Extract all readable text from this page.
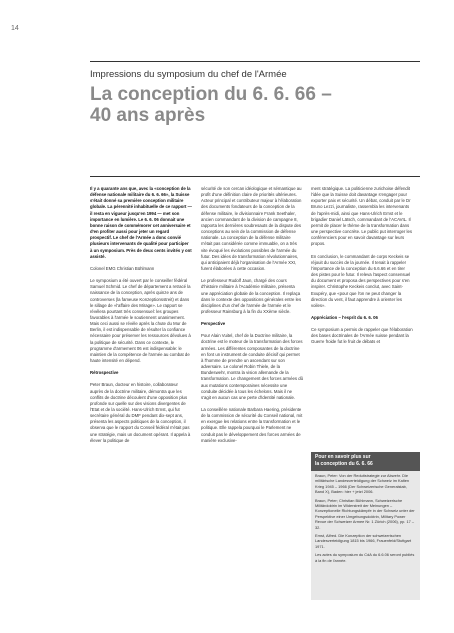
14
Impressions du symposium du chef de l'Armée
La conception du 6. 6. 66 –
40 ans après

Il y a quarante ans que, avec la «conception de la défense nationale militaire du 6. 6. 66», la Suisse s'était donné sa première conception militaire globale. La pérennité inhabituelle de ce rapport — il resta en vigueur jusqu'en 1994 — met son importance en lumière. Le 6. 6. 06 donnait une bonne raison de commémorer cet anniversaire et d'en profiter aussi pour jeter un regard prospectif. Le chef de l'Armée a donc convié plusieurs intervenants de qualité pour participer à un symposium. Près de deux cents invités y ont assisté.

Colonel EMG Christian Bühlmann

Le symposium a été ouvert par le conseiller fédéral Samuel Schmid. Le chef de département a retracé la naissance de la conception, après quinze ans de controverses (la fameuse Konzeptionsstreit) et dans le sillage de «l'affaire des Mirage». Le rapport se révélera pourtant très consensuel: les groupes favorables à l'armée le soutiennent unanimement. Mais ceci aussi se révèle après la chute du Mur de Berlin, il est indispensable de résulter la confiance nécessaire pour préserver les ressources dévolues à la politique de sécurité. Dans ce contexte, le programme d'armement 06 est indispensable: le maintien de la compétence de l'armée au combat de haute intensité en dépend.

Rétrospective

Peter Braun, docteur en histoire, collaborateur auprès de la doctrine militaire, démontra que les conflits de doctrine découlent d'une opposition plus profonde sur quelle sur des visions divergentes de l'Etat et de la société. Hans-Ulrich Ernst, qui fut secrétaire général du DMF pendant dix-sept ans, présenta les aspects politiques de la conception, il observa que le rapport du Conseil fédéral n'était pas une stratégie, mais un document opérant. Il appela à élever la politique de

sécurité de son cercan idéologique et sémantique au profit d'une définition claire de priorités ultérieures. Acteur principal et contributeur majeur à l'élaboration des documents fondateurs de la conception de la défense militaire, le divisionnaire Frank Seethaler, ancien commandant de la division de campagne 8, rapporta les dernières soubresauts de la dispute des conceptions au sein de la commission de défense nationale. La conception de la défense militaire n'était pas considérée comme immuable, on a très vite évoqué les évolutions possibles de l'armée du futur. Des idées de transformation révolutionnaires, qui anticipaient déjà l'organisation de l'Armée XXI, furent élaborées à cette occasion.

Le professeur Rudolf Jaun, chargé des cours d'histoire militaire à l'Académie militaire, présenta une appréciation globale de la conception. Il replaça dans le contexte des oppositions générales entre les disciplines d'un chef de l'armée de l'armée et le professeur Rainsburg à la fin du XXème siècle.

Perspective

Pour Alain Vuitel, chef de la Doctrine militaire, la doctrine est le moteur de la transformation des forces armées. Les différentes composantes de la doctrine en font un instrument de conduite décisif qui permet à l'homme de prendre un ascendant sur son adversaire. Le colonel Robin Thiele, de la Bundeswehr, montra la vision allemande de la transformation. Le changement des forces armées dû aux mutations contemporaines nécessite une conduite décidée à tous les échelons. Mais il ne s'agit en aucun cas une perte d'identité nationale.

La conseillère nationale Barbara Haering, présidente de la commission de sécurité du Conseil national, mit en exergue les relations entre la transformation et le politique. Elle rappela pourquoi le Parlement ne conduit pas le développement des forces armées de manière exclusive-

ment stratégique. La politicienne zurichoise défendit l'idée que la Suisse doit davantage s'engager pour exporter paix et sécurité. Un débat, conduit par le Dr Bruno Lezzi, journaliste, rassembla les intervenants de l'après-midi, ainsi que Hans-Ulrich Ernst et le brigadier Daniel Lätsch, commandant de l'ACAVIL. Il permit de placer le thème de la transformation dans une perspective concrète. Le public put interroger les conférenciers pour en savoir davantage sur leurs propos.

En conclusion, le commandant de corps Keckeis se réjouit du succès de la journée. Il tenait à rappeler l'importance de la conception du 6.6.66 et en tirer des pistes pour le futur. Il releva l'aspect consensuel du document et proposa des perspectives pour s'en inspirer. Christophe Keckeis conclut, avec Saint-Exupéry, que «pour que l'on ne peut changer la direction du vent, il faut apprendre à orienter les voiles».

Appréciation – l'esprit du 6. 6. 06

Ce symposium a permis de rappeler que l'élaboration des bases doctrinales de l'Armée suisse pendant la Guerre froide fut le fruit de débats et

Pour en savoir plus sur
la conception du 6. 6. 66

Braun, Peter: Von der Reduitstrategie zur Abwehr. Die militärische Landesverteidigung der Schweiz im Kalten Krieg 1945 – 1966 (Der Schweizerische Generalstab, Band X), Baden: hier + jetzt 2006.

Braun, Peter; Christian Bühlmann, Schweizerische Militärdoktrin im Widerstreit der Meinungen – Konzeptionelle Richtungskämpfe in der Schweiz unter der Perspektive einer Umgebungsdoktrin, Military Power Revue der Schweizer Armee Nr. 1 Zürich (2006), pp. 17 – 32.

Ernst, Alfred. Die Konzeption der schweizerischen Landesverteidigung 1815 bis 1966, Frauenfeld/Stuttgart 1971.

Les actes du symposium du CdA du 6.6.06 seront publiés à la fin de l'année.
